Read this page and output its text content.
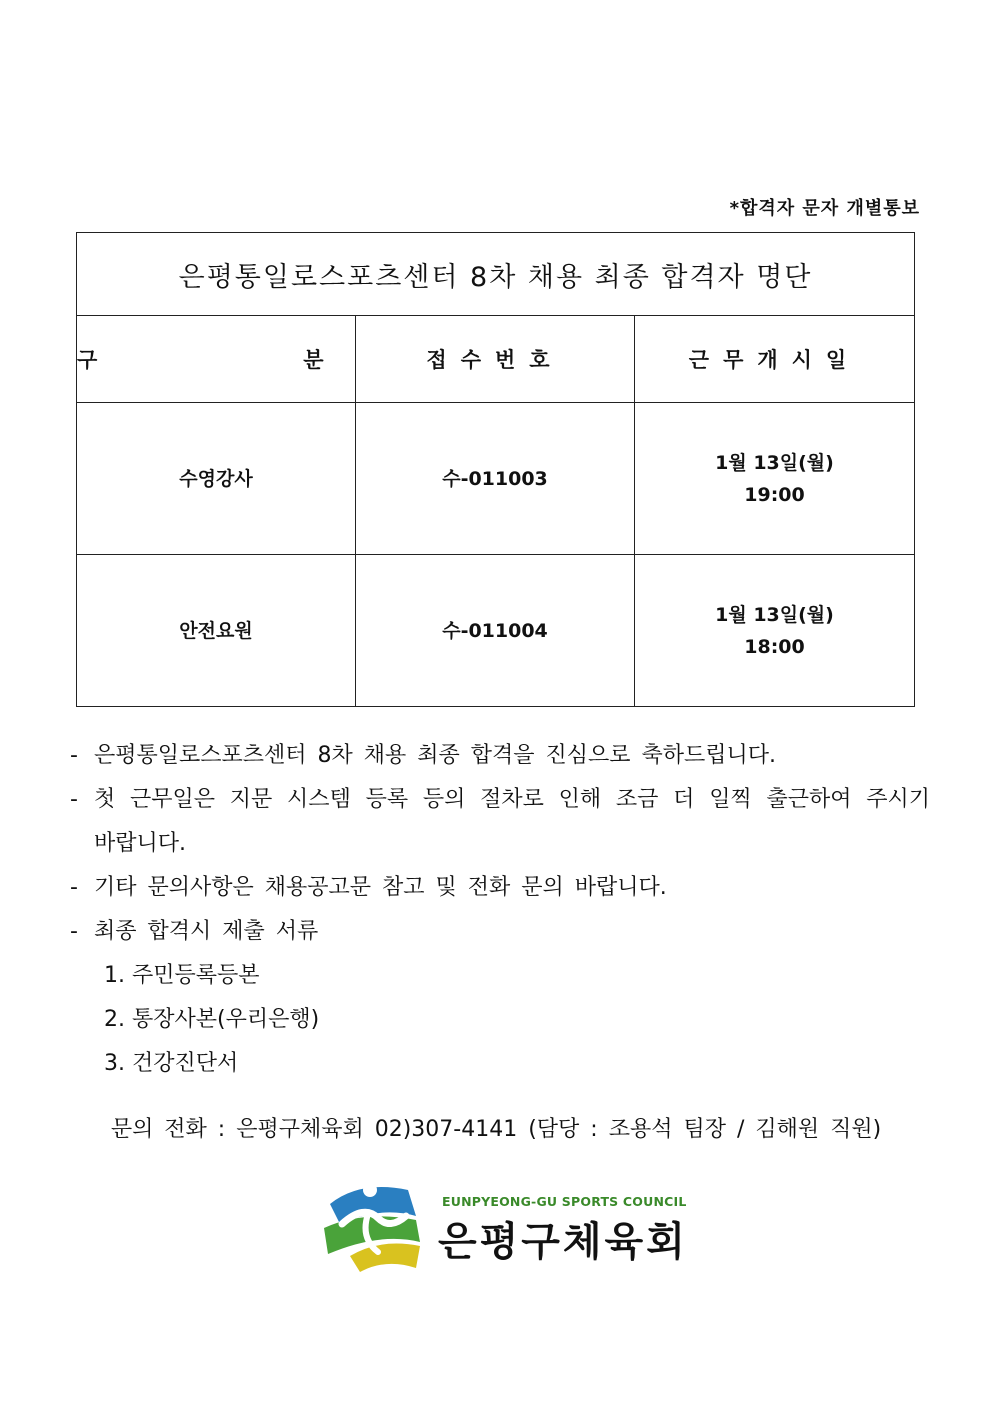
*합격자 문자 개별통보
은평통일로스포츠센터 8차 채용 최종 합격자 명단		
구   분	접수번호	근무개시일
수영강사	수-011003	1월 13일(월)
19:00

안전요원	수-011004	1월 13일(월)
18:00
- 은평통일로스포츠센터 8차 채용 최종 합격을 진심으로 축하드립니다.
- 첫 근무일은 지문 시스템 등록 등의 절차로 인해 조금 더 일찍 출근하여 주시기
바랍니다.
- 기타 문의사항은 채용공고문 참고 및 전화 문의 바랍니다.
- 최종 합격시 제출 서류
1. 주민등록등본
2. 통장사본(우리은행)
3. 건강진단서
문의 전화 : 은평구체육회 02)307-4141 (담당 : 조용석 팀장 / 김해원 직원)
EUNPYEONG-GU SPORTS COUNCIL
은평구체육회
